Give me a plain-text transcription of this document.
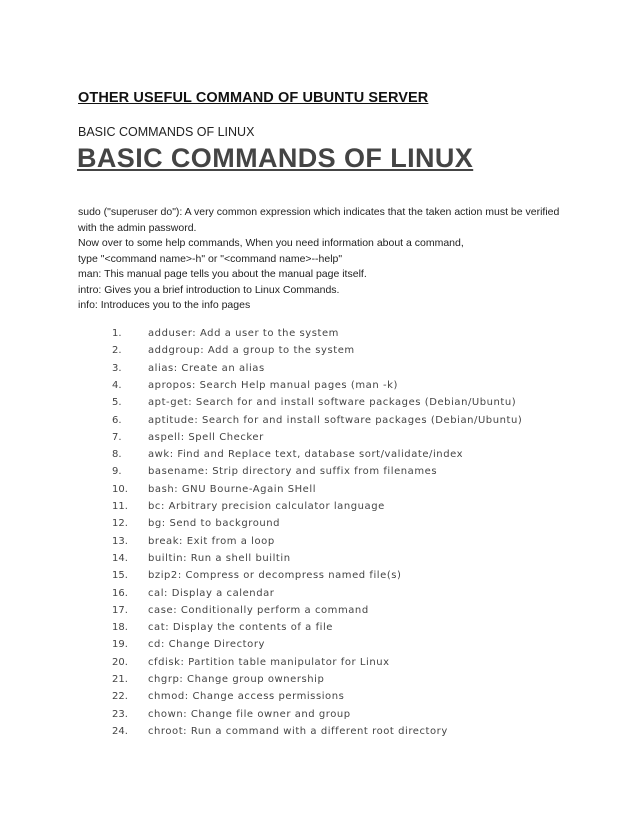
OTHER USEFUL COMMAND OF UBUNTU SERVER
BASIC COMMANDS OF LINUX
BASIC COMMANDS OF LINUX
sudo ("superuser do"): A very common expression which indicates that the taken action must be verified
with the admin password.
Now over to some help commands, When you need information about a command,
type "<command name>-h" or "<command name>--help"
man: This manual page tells you about the manual page itself.
intro: Gives you a brief introduction to Linux Commands.
info: Introduces you to the info pages
1.	adduser: Add a user to the system
2.	addgroup: Add a group to the system
3.	alias: Create an alias
4.	apropos: Search Help manual pages (man -k)
5.	apt-get: Search for and install software packages (Debian/Ubuntu)
6.	aptitude: Search for and install software packages (Debian/Ubuntu)
7.	aspell: Spell Checker
8.	awk: Find and Replace text, database sort/validate/index
9.	basename: Strip directory and suffix from filenames
10.	bash: GNU Bourne-Again SHell
11.	bc: Arbitrary precision calculator language
12.	bg: Send to background
13.	break: Exit from a loop
14.	builtin: Run a shell builtin
15.	bzip2: Compress or decompress named file(s)
16.	cal: Display a calendar
17.	case: Conditionally perform a command
18.	cat: Display the contents of a file
19.	cd: Change Directory
20.	cfdisk: Partition table manipulator for Linux
21.	chgrp: Change group ownership
22.	chmod: Change access permissions
23.	chown: Change file owner and group
24.	chroot: Run a command with a different root directory
